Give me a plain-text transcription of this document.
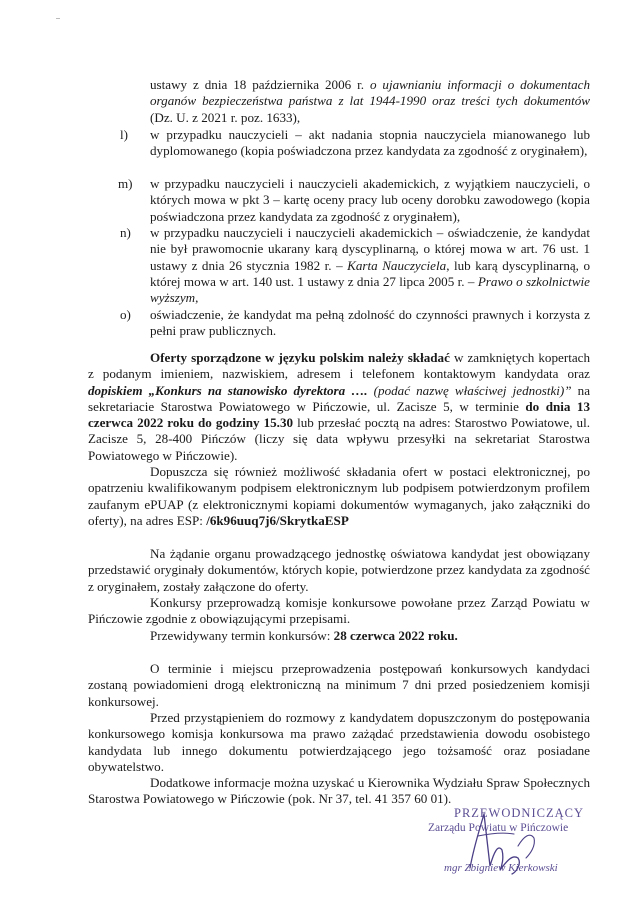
ustawy z dnia 18 października 2006 r. o ujawnianiu informacji o dokumentach organów bezpieczeństwa państwa z lat 1944-1990 oraz treści tych dokumentów (Dz. U. z 2021 r. poz. 1633),
l) w przypadku nauczycieli – akt nadania stopnia nauczyciela mianowanego lub dyplomowanego (kopia poświadczona przez kandydata za zgodność z oryginałem),
m) w przypadku nauczycieli i nauczycieli akademickich, z wyjątkiem nauczycieli, o których mowa w pkt 3 – kartę oceny pracy lub oceny dorobku zawodowego (kopia poświadczona przez kandydata za zgodność z oryginałem),
n) w przypadku nauczycieli i nauczycieli akademickich – oświadczenie, że kandydat nie był prawomocnie ukarany karą dyscyplinarną, o której mowa w art. 76 ust. 1 ustawy z dnia 26 stycznia 1982 r. – Karta Nauczyciela, lub karą dyscyplinarną, o której mowa w art. 140 ust. 1 ustawy z dnia 27 lipca 2005 r. – Prawo o szkolnictwie wyższym,
o) oświadczenie, że kandydat ma pełną zdolność do czynności prawnych i korzysta z pełni praw publicznych.
Oferty sporządzone w języku polskim należy składać w zamkniętych kopertach z podanym imieniem, nazwiskiem, adresem i telefonem kontaktowym kandydata oraz dopiskiem „Konkurs na stanowisko dyrektora …. (podać nazwę właściwej jednostki)” na sekretariacie Starostwa Powiatowego w Pińczowie, ul. Zacisze 5, w terminie do dnia 13 czerwca 2022 roku do godziny 15.30 lub przesłać pocztą na adres: Starostwo Powiatowe, ul. Zacisze 5, 28-400 Pińczów (liczy się data wpływu przesyłki na sekretariat Starostwa Powiatowego w Pińczowie).
Dopuszcza się również możliwość składania ofert w postaci elektronicznej, po opatrzeniu kwalifikowanym podpisem elektronicznym lub podpisem potwierdzonym profilem zaufanym ePUAP (z elektronicznymi kopiami dokumentów wymaganych, jako załączniki do oferty), na adres ESP: /6k96uuq7j6/SkrytkaESP
Na żądanie organu prowadzącego jednostkę oświatowa kandydat jest obowiązany przedstawić oryginały dokumentów, których kopie, potwierdzone przez kandydata za zgodność z oryginałem, zostały załączone do oferty.
Konkursy przeprowadzą komisje konkursowe powołane przez Zarząd Powiatu w Pińczowie zgodnie z obowiązującymi przepisami.
Przewidywany termin konkursów: 28 czerwca 2022 roku.
O terminie i miejscu przeprowadzenia postępowań konkursowych kandydaci zostaną powiadomieni drogą elektroniczną na minimum 7 dni przed posiedzeniem komisji konkursowej.
Przed przystąpieniem do rozmowy z kandydatem dopuszczonym do postępowania konkursowego komisja konkursowa ma prawo zażądać przedstawienia dowodu osobistego kandydata lub innego dokumentu potwierdzającego jego tożsamość oraz posiadane obywatelstwo.
Dodatkowe informacje można uzyskać u Kierownika Wydziału Spraw Społecznych Starostwa Powiatowego w Pińczowie (pok. Nr 37, tel. 41 357 60 01).
PRZEWODNICZĄCY
Zarządu Powiatu w Pińczowie
mgr Zbigniew Kierkowski
